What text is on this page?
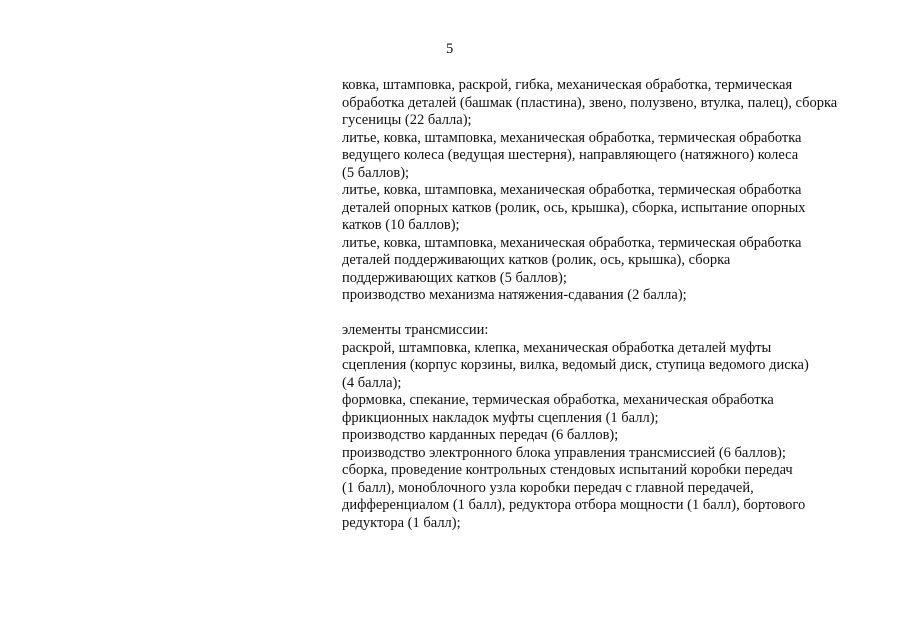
5
ковка, штамповка, раскрой, гибка, механическая обработка, термическая
обработка деталей (башмак (пластина), звено, полузвено, втулка, палец), сборка
гусеницы (22 балла);
литье, ковка, штамповка, механическая обработка, термическая обработка
ведущего колеса (ведущая шестерня), направляющего (натяжного) колеса
(5 баллов);
литье, ковка, штамповка, механическая обработка, термическая обработка
деталей опорных катков (ролик, ось, крышка), сборка, испытание опорных
катков (10 баллов);
литье, ковка, штамповка, механическая обработка, термическая обработка
деталей поддерживающих катков (ролик, ось, крышка), сборка
поддерживающих катков (5 баллов);
производство механизма натяжения-сдавания (2 балла);
элементы трансмиссии:
раскрой, штамповка, клепка, механическая обработка деталей муфты
сцепления (корпус корзины, вилка, ведомый диск, ступица ведомого диска)
(4 балла);
формовка, спекание, термическая обработка, механическая обработка
фрикционных накладок муфты сцепления (1 балл);
производство карданных передач (6 баллов);
производство электронного блока управления трансмиссией (6 баллов);
сборка, проведение контрольных стендовых испытаний коробки передач
(1 балл), моноблочного узла коробки передач с главной передачей,
дифференциалом (1 балл), редуктора отбора мощности (1 балл), бортового
редуктора (1 балл);
